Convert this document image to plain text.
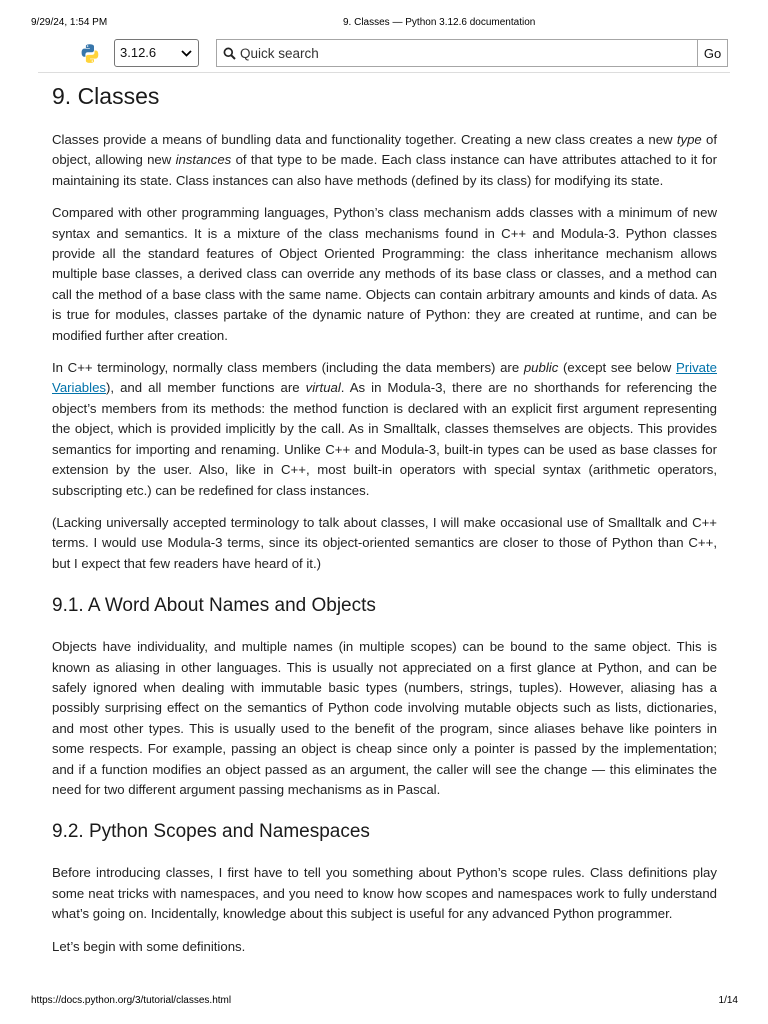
9/29/24, 1:54 PM	9. Classes — Python 3.12.6 documentation
3.12.6
Quick search	Go
9. Classes

Classes provide a means of bundling data and functionality together. Creating a new class creates a new type of object, allowing new instances of that type to be made. Each class instance can have attributes attached to it for maintaining its state. Class instances can also have methods (defined by its class) for modifying its state.

Compared with other programming languages, Python’s class mechanism adds classes with a minimum of new syntax and semantics. It is a mixture of the class mechanisms found in C++ and Modula-3. Python classes provide all the standard features of Object Oriented Programming: the class inheritance mechanism allows multiple base classes, a derived class can override any methods of its base class or classes, and a method can call the method of a base class with the same name. Objects can contain arbitrary amounts and kinds of data. As is true for modules, classes partake of the dynamic nature of Python: they are created at runtime, and can be modified further after creation.

In C++ terminology, normally class members (including the data members) are public (except see below Private Variables), and all member functions are virtual. As in Modula-3, there are no shorthands for referencing the object’s members from its methods: the method function is declared with an explicit first argument representing the object, which is provided implicitly by the call. As in Smalltalk, classes themselves are objects. This provides semantics for importing and renaming. Unlike C++ and Modula-3, built-in types can be used as base classes for extension by the user. Also, like in C++, most built-in operators with special syntax (arithmetic operators, subscripting etc.) can be redefined for class instances.

(Lacking universally accepted terminology to talk about classes, I will make occasional use of Smalltalk and C++ terms. I would use Modula-3 terms, since its object-oriented semantics are closer to those of Python than C++, but I expect that few readers have heard of it.)

9.1. A Word About Names and Objects

Objects have individuality, and multiple names (in multiple scopes) can be bound to the same object. This is known as aliasing in other languages. This is usually not appreciated on a first glance at Python, and can be safely ignored when dealing with immutable basic types (numbers, strings, tuples). However, aliasing has a possibly surprising effect on the semantics of Python code involving mutable objects such as lists, dictionaries, and most other types. This is usually used to the benefit of the program, since aliases behave like pointers in some respects. For example, passing an object is cheap since only a pointer is passed by the implementation; and if a function modifies an object passed as an argument, the caller will see the change — this eliminates the need for two different argument passing mechanisms as in Pascal.

9.2. Python Scopes and Namespaces

Before introducing classes, I first have to tell you something about Python’s scope rules. Class definitions play some neat tricks with namespaces, and you need to know how scopes and namespaces work to fully understand what’s going on. Incidentally, knowledge about this subject is useful for any advanced Python programmer.

Let’s begin with some definitions.

https://docs.python.org/3/tutorial/classes.html	1/14
